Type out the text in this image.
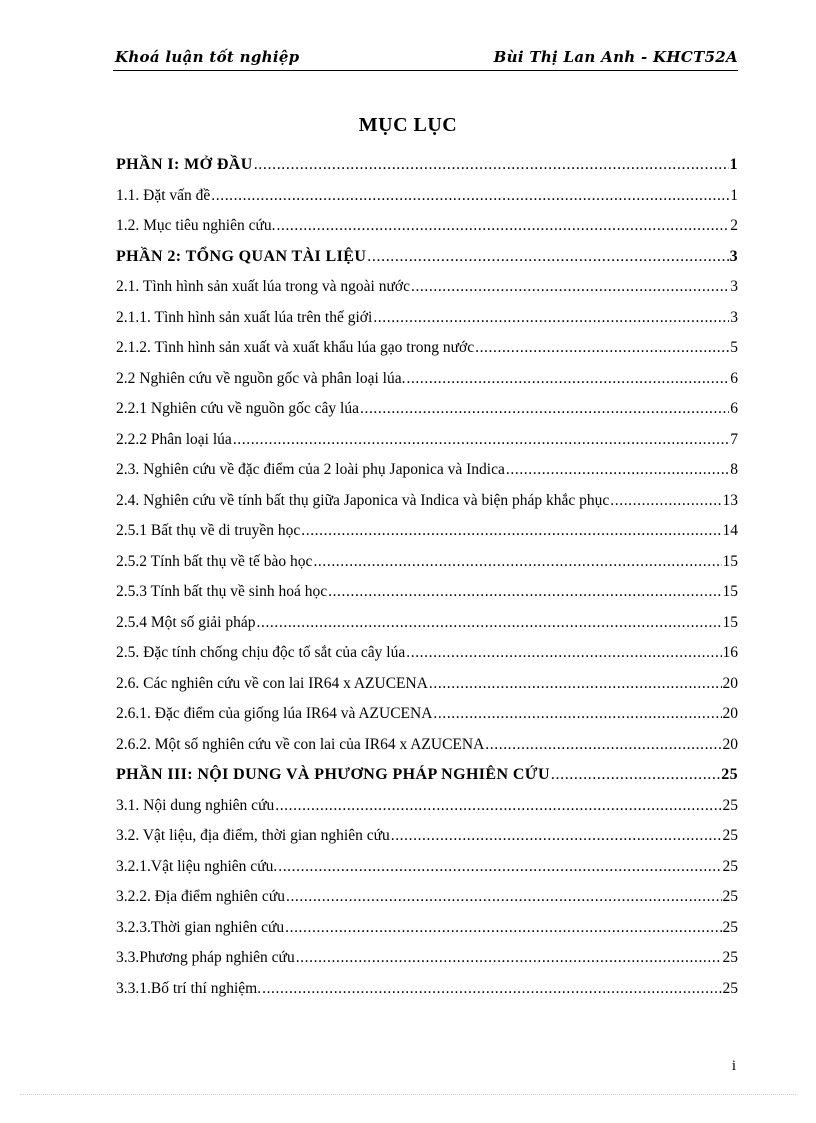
Khoá luận tốt nghiệp	Bùi Thị Lan Anh - KHCT52A
MỤC LỤC
PHẦN I: MỞ ĐẦU .....	1
1.1. Đặt vấn đề .....	1
1.2. Mục tiêu nghiên cứu. .....	2
PHẦN 2: TỔNG QUAN TÀI LIỆU .....	3
2.1. Tình hình sản xuất lúa trong và ngoài nước .....	3
2.1.1. Tình hình sản xuất lúa trên thế giới .....	3
2.1.2. Tình hình sản xuất và xuất khẩu lúa gạo trong nước .....	5
2.2 Nghiên cứu về nguồn gốc và phân loại lúa. .....	6
2.2.1 Nghiên cứu về nguồn gốc cây lúa .....	6
2.2.2 Phân loại lúa .....	7
2.3. Nghiên cứu về đặc điểm của 2 loài phụ Japonica và Indica .....	8
2.4. Nghiên cứu về tính bất thụ giữa Japonica và Indica và biện pháp khắc phục .....	13
2.5.1 Bất thụ về di truyền học .....	14
2.5.2 Tính bất thụ về tế bào học .....	15
2.5.3 Tính bất thụ về sinh hoá học .....	15
2.5.4 Một số giải pháp .....	15
2.5. Đặc tính chống chịu độc tố sắt của cây lúa .....	16
2.6. Các nghiên cứu về con lai IR64 x AZUCENA .....	20
2.6.1. Đặc điểm của giống lúa IR64 và AZUCENA .....	20
2.6.2. Một số nghiên cứu về con lai của IR64 x AZUCENA .....	20
PHẦN III: NỘI DUNG VÀ PHƯƠNG PHÁP NGHIÊN CỨU .....	25
3.1. Nội dung nghiên cứu .....	25
3.2. Vật liệu, địa điểm, thời gian nghiên cứu .....	25
3.2.1.Vật liệu nghiên cứu. .....	25
3.2.2. Địa điểm nghiên cứu .....	25
3.2.3.Thời gian nghiên cứu .....	25
3.3.Phương pháp nghiên cứu .....	25
3.3.1.Bố trí thí nghiệm. .....	25
i
